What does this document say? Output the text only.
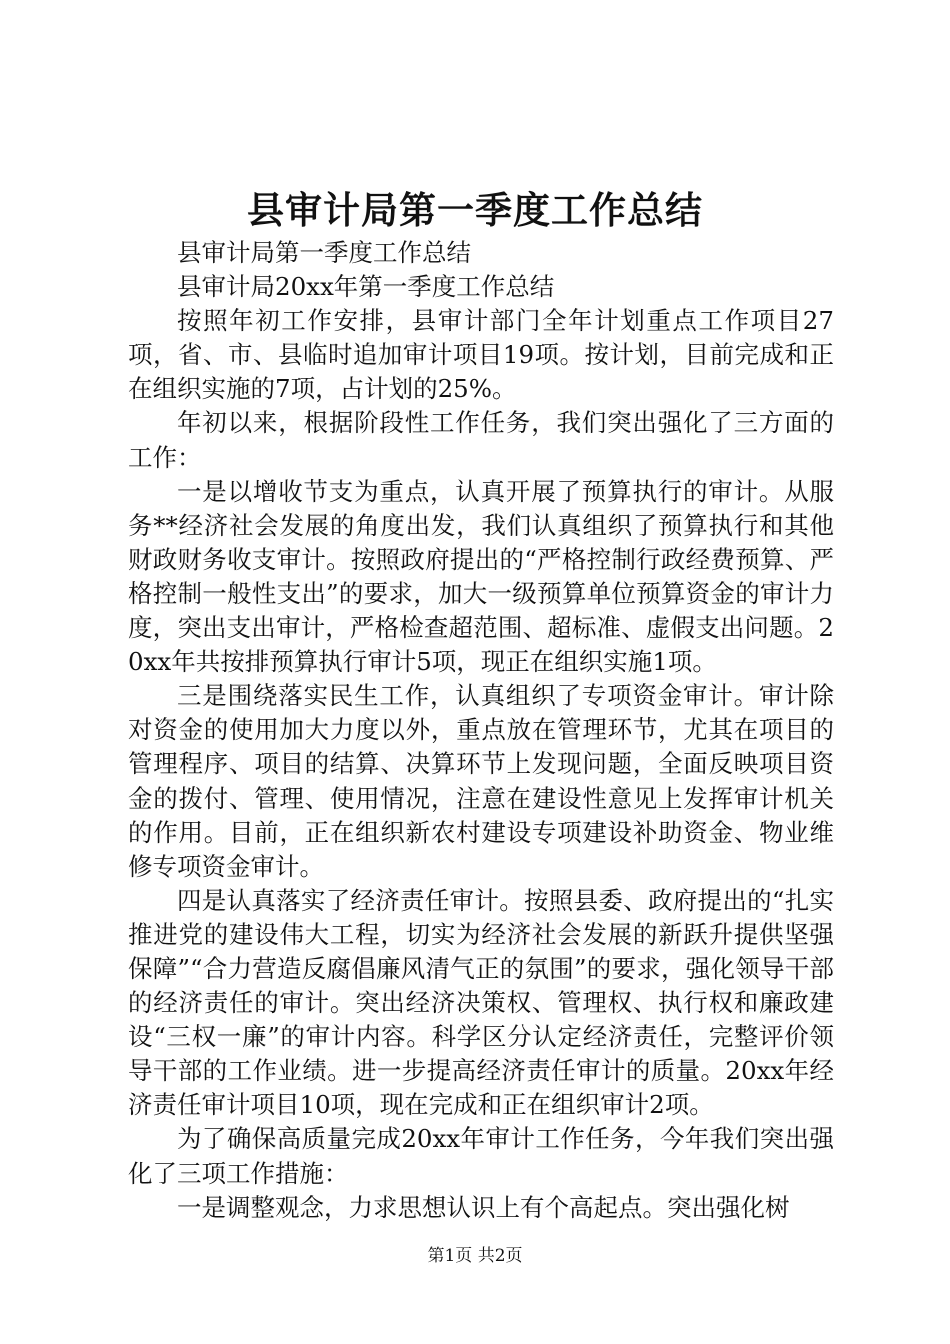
县审计局第一季度工作总结

县审计局第一季度工作总结

县审计局20xx年第一季度工作总结

按照年初工作安排，县审计部门全年计划重点工作项目27项，省、市、县临时追加审计项目19项。按计划，目前完成和正在组织实施的7项，占计划的25%。

年初以来，根据阶段性工作任务，我们突出强化了三方面的工作：

一是以增收节支为重点，认真开展了预算执行的审计。从服务**经济社会发展的角度出发，我们认真组织了预算执行和其他财政财务收支审计。按照政府提出的“严格控制行政经费预算、严格控制一般性支出”的要求，加大一级预算单位预算资金的审计力度，突出支出审计，严格检查超范围、超标准、虚假支出问题。20xx年共按排预算执行审计5项，现正在组织实施1项。

三是围绕落实民生工作，认真组织了专项资金审计。审计除对资金的使用加大力度以外，重点放在管理环节，尤其在项目的管理程序、项目的结算、决算环节上发现问题，全面反映项目资金的拨付、管理、使用情况，注意在建设性意见上发挥审计机关的作用。目前，正在组织新农村建设专项建设补助资金、物业维修专项资金审计。

四是认真落实了经济责任审计。按照县委、政府提出的“扎实推进党的建设伟大工程，切实为经济社会发展的新跃升提供坚强保障”“合力营造反腐倡廉风清气正的氛围”的要求，强化领导干部的经济责任的审计。突出经济决策权、管理权、执行权和廉政建设“三权一廉”的审计内容。科学区分认定经济责任，完整评价领导干部的工作业绩。进一步提高经济责任审计的质量。20xx年经济责任审计项目10项，现在完成和正在组织审计2项。

为了确保高质量完成20xx年审计工作任务，今年我们突出强化了三项工作措施：

一是调整观念，力求思想认识上有个高起点。突出强化树

第1页 共2页
